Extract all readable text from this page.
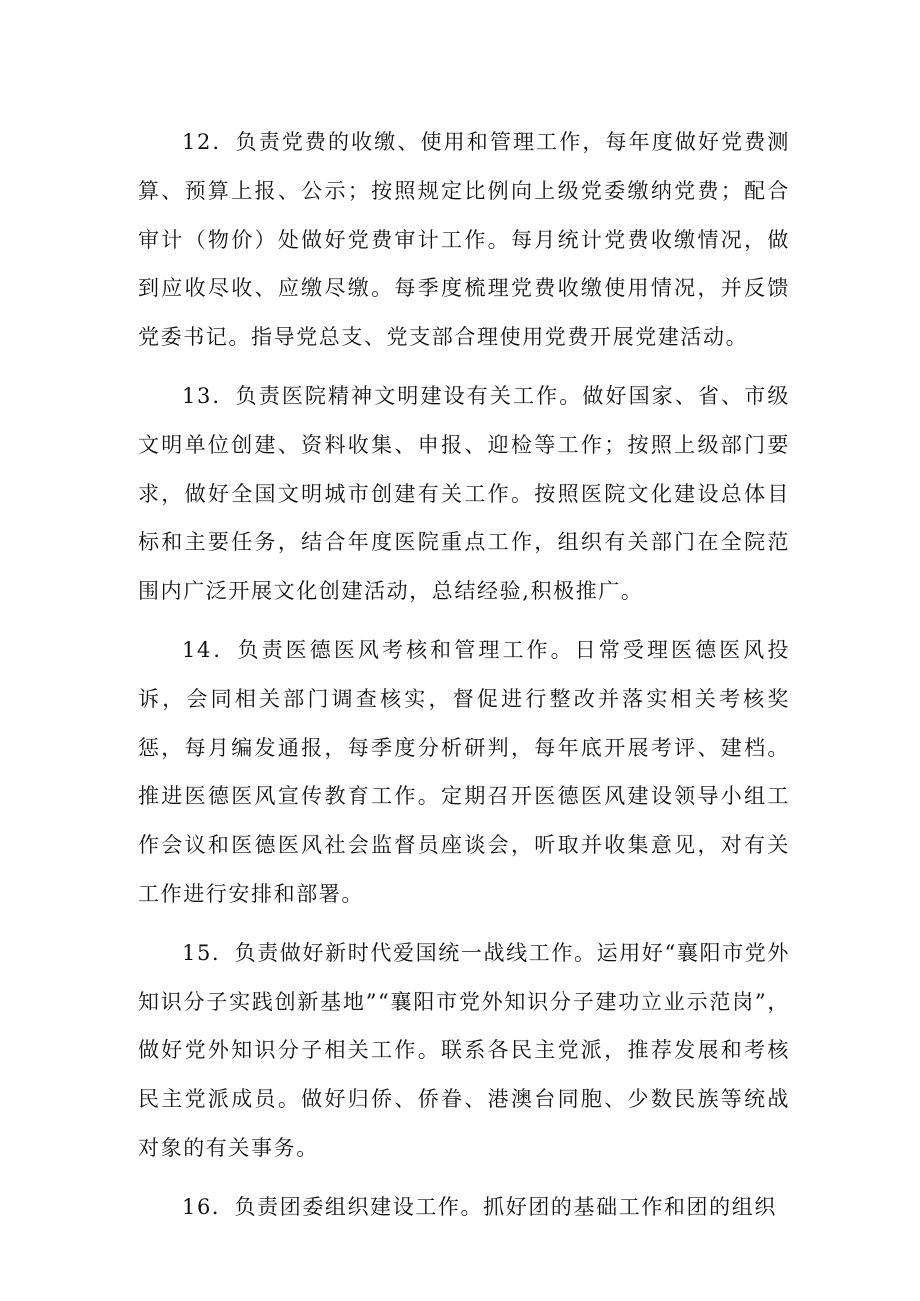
12．负责党费的收缴、使用和管理工作，每年度做好党费测算、预算上报、公示；按照规定比例向上级党委缴纳党费；配合审计（物价）处做好党费审计工作。每月统计党费收缴情况，做到应收尽收、应缴尽缴。每季度梳理党费收缴使用情况，并反馈党委书记。指导党总支、党支部合理使用党费开展党建活动。

13．负责医院精神文明建设有关工作。做好国家、省、市级文明单位创建、资料收集、申报、迎检等工作；按照上级部门要求，做好全国文明城市创建有关工作。按照医院文化建设总体目标和主要任务，结合年度医院重点工作，组织有关部门在全院范围内广泛开展文化创建活动，总结经验,积极推广。

14．负责医德医风考核和管理工作。日常受理医德医风投诉，会同相关部门调查核实，督促进行整改并落实相关考核奖惩，每月编发通报，每季度分析研判，每年底开展考评、建档。推进医德医风宣传教育工作。定期召开医德医风建设领导小组工作会议和医德医风社会监督员座谈会，听取并收集意见，对有关工作进行安排和部署。

15．负责做好新时代爱国统一战线工作。运用好“襄阳市党外知识分子实践创新基地”“襄阳市党外知识分子建功立业示范岗”，做好党外知识分子相关工作。联系各民主党派，推荐发展和考核民主党派成员。做好归侨、侨眷、港澳台同胞、少数民族等统战对象的有关事务。

16．负责团委组织建设工作。抓好团的基础工作和团的组织
